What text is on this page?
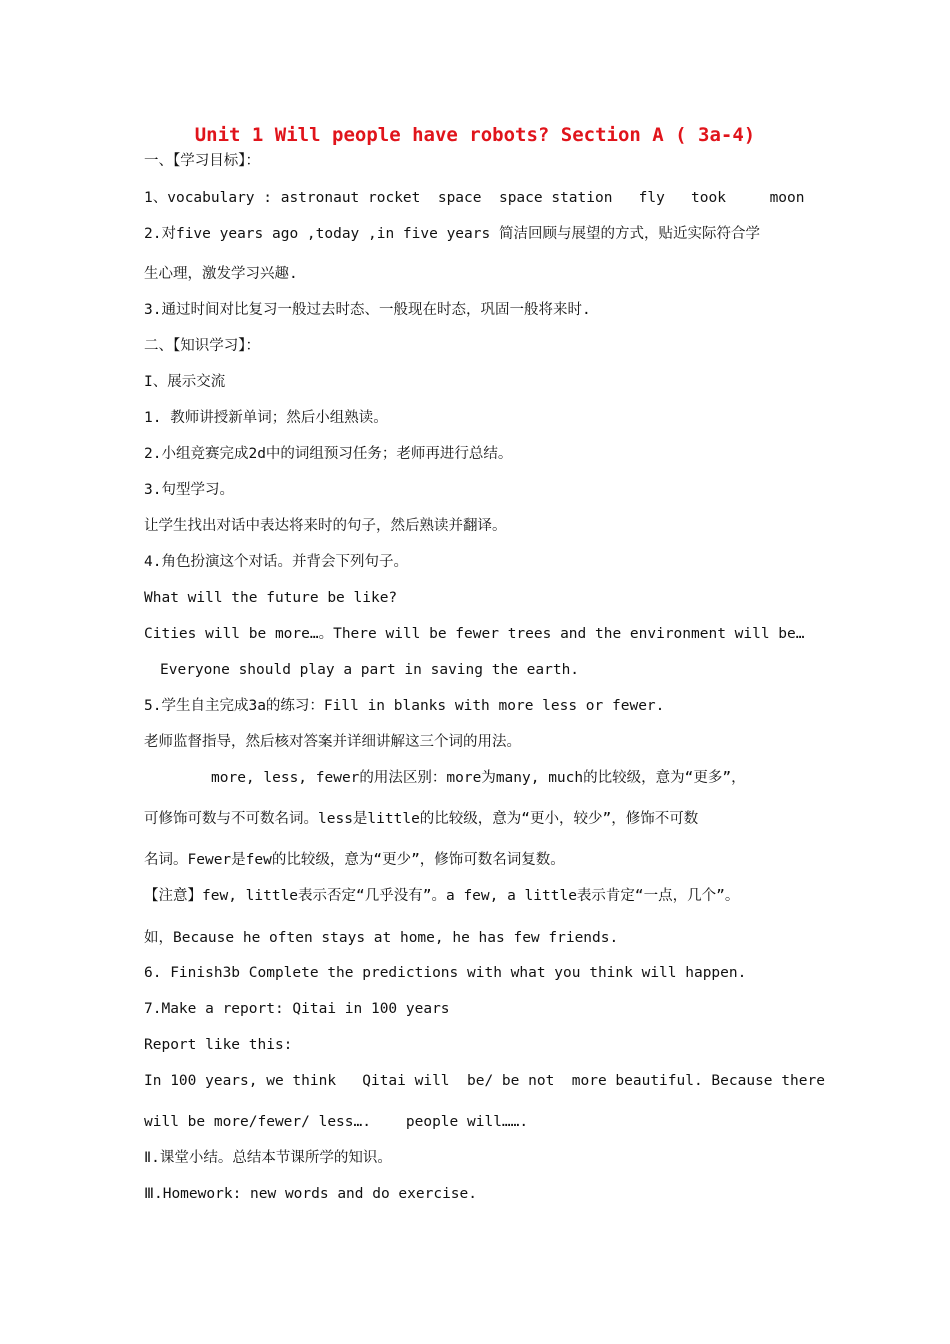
Unit 1 Will people have robots? Section A ( 3a-4)
一、【学习目标】：
1、vocabulary : astronaut rocket  space  space station   fly   took     moon
2.对five years ago ,today ,in five years 简洁回顾与展望的方式，贴近实际符合学
生心理，激发学习兴趣.
3.通过时间对比复习一般过去时态、一般现在时态，巩固一般将来时.
二、【知识学习】：
I、展示交流
1. 教师讲授新单词；然后小组熟读。
2.小组竞赛完成2d中的词组预习任务；老师再进行总结。
3.句型学习。
让学生找出对话中表达将来时的句子，然后熟读并翻译。
4.角色扮演这个对话。并背会下列句子。
What will the future be like?
Cities will be more…。There will be fewer trees and the environment will be…
Everyone should play a part in saving the earth.
5.学生自主完成3a的练习：Fill in blanks with more less or fewer.
老师监督指导，然后核对答案并详细讲解这三个词的用法。
more, less, fewer的用法区别：more为many, much的比较级，意为“更多”，
可修饰可数与不可数名词。less是little的比较级，意为“更小，较少”，修饰不可数
名词。Fewer是few的比较级，意为“更少”，修饰可数名词复数。
【注意】few, little表示否定“几乎没有”。a few, a little表示肯定“一点，几个”。
如，Because he often stays at home, he has few friends.
6. Finish3b Complete the predictions with what you think will happen.
7.Make a report: Qitai in 100 years
Report like this:
In 100 years, we think   Qitai will  be/ be not  more beautiful. Because there
will be more/fewer/ less….    people will…….
Ⅱ.课堂小结。总结本节课所学的知识。
Ⅲ.Homework: new words and do exercise.
